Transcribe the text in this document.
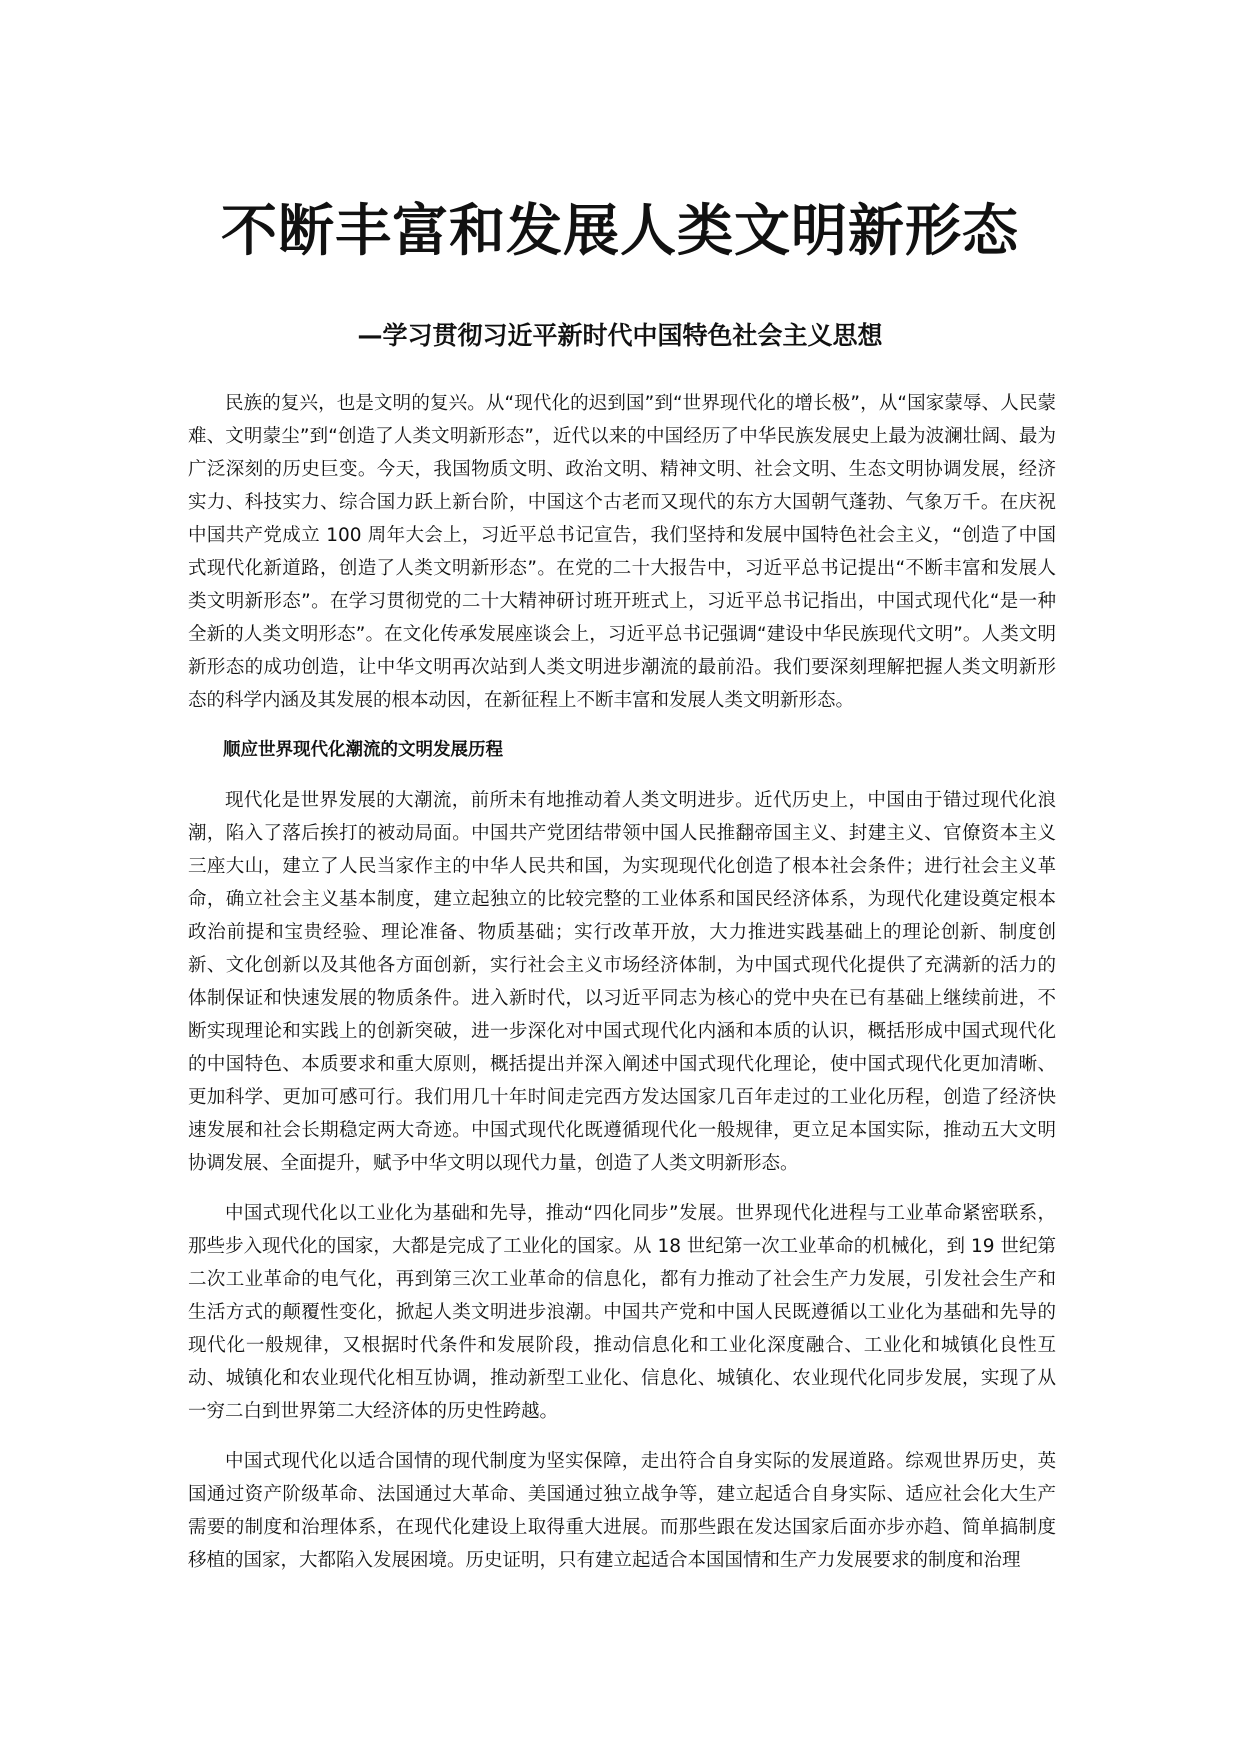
不断丰富和发展人类文明新形态
—学习贯彻习近平新时代中国特色社会主义思想

民族的复兴，也是文明的复兴。从“现代化的迟到国”到“世界现代化的增长极”，从“国家蒙辱、人民蒙难、文明蒙尘”到“创造了人类文明新形态”，近代以来的中国经历了中华民族发展史上最为波澜壮阔、最为广泛深刻的历史巨变。今天，我国物质文明、政治文明、精神文明、社会文明、生态文明协调发展，经济实力、科技实力、综合国力跃上新台阶，中国这个古老而又现代的东方大国朝气蓬勃、气象万千。在庆祝中国共产党成立 100 周年大会上，习近平总书记宣告，我们坚持和发展中国特色社会主义，“创造了中国式现代化新道路，创造了人类文明新形态”。在党的二十大报告中，习近平总书记提出“不断丰富和发展人类文明新形态”。在学习贯彻党的二十大精神研讨班开班式上，习近平总书记指出，中国式现代化“是一种全新的人类文明形态”。在文化传承发展座谈会上，习近平总书记强调“建设中华民族现代文明”。人类文明新形态的成功创造，让中华文明再次站到人类文明进步潮流的最前沿。我们要深刻理解把握人类文明新形态的科学内涵及其发展的根本动因，在新征程上不断丰富和发展人类文明新形态。

顺应世界现代化潮流的文明发展历程

现代化是世界发展的大潮流，前所未有地推动着人类文明进步。近代历史上，中国由于错过现代化浪潮，陷入了落后挨打的被动局面。中国共产党团结带领中国人民推翻帝国主义、封建主义、官僚资本主义三座大山，建立了人民当家作主的中华人民共和国，为实现现代化创造了根本社会条件；进行社会主义革命，确立社会主义基本制度，建立起独立的比较完整的工业体系和国民经济体系，为现代化建设奠定根本政治前提和宝贵经验、理论准备、物质基础；实行改革开放，大力推进实践基础上的理论创新、制度创新、文化创新以及其他各方面创新，实行社会主义市场经济体制，为中国式现代化提供了充满新的活力的体制保证和快速发展的物质条件。进入新时代，以习近平同志为核心的党中央在已有基础上继续前进，不断实现理论和实践上的创新突破，进一步深化对中国式现代化内涵和本质的认识，概括形成中国式现代化的中国特色、本质要求和重大原则，概括提出并深入阐述中国式现代化理论，使中国式现代化更加清晰、更加科学、更加可感可行。我们用几十年时间走完西方发达国家几百年走过的工业化历程，创造了经济快速发展和社会长期稳定两大奇迹。中国式现代化既遵循现代化一般规律，更立足本国实际，推动五大文明协调发展、全面提升，赋予中华文明以现代力量，创造了人类文明新形态。

中国式现代化以工业化为基础和先导，推动“四化同步”发展。世界现代化进程与工业革命紧密联系，那些步入现代化的国家，大都是完成了工业化的国家。从 18 世纪第一次工业革命的机械化，到 19 世纪第二次工业革命的电气化，再到第三次工业革命的信息化，都有力推动了社会生产力发展，引发社会生产和生活方式的颠覆性变化，掀起人类文明进步浪潮。中国共产党和中国人民既遵循以工业化为基础和先导的现代化一般规律，又根据时代条件和发展阶段，推动信息化和工业化深度融合、工业化和城镇化良性互动、城镇化和农业现代化相互协调，推动新型工业化、信息化、城镇化、农业现代化同步发展，实现了从一穷二白到世界第二大经济体的历史性跨越。

中国式现代化以适合国情的现代制度为坚实保障，走出符合自身实际的发展道路。综观世界历史，英国通过资产阶级革命、法国通过大革命、美国通过独立战争等，建立起适合自身实际、适应社会化大生产需要的制度和治理体系，在现代化建设上取得重大进展。而那些跟在发达国家后面亦步亦趋、简单搞制度移植的国家，大都陷入发展困境。历史证明，只有建立起适合本国国情和生产力发展要求的制度和治理
